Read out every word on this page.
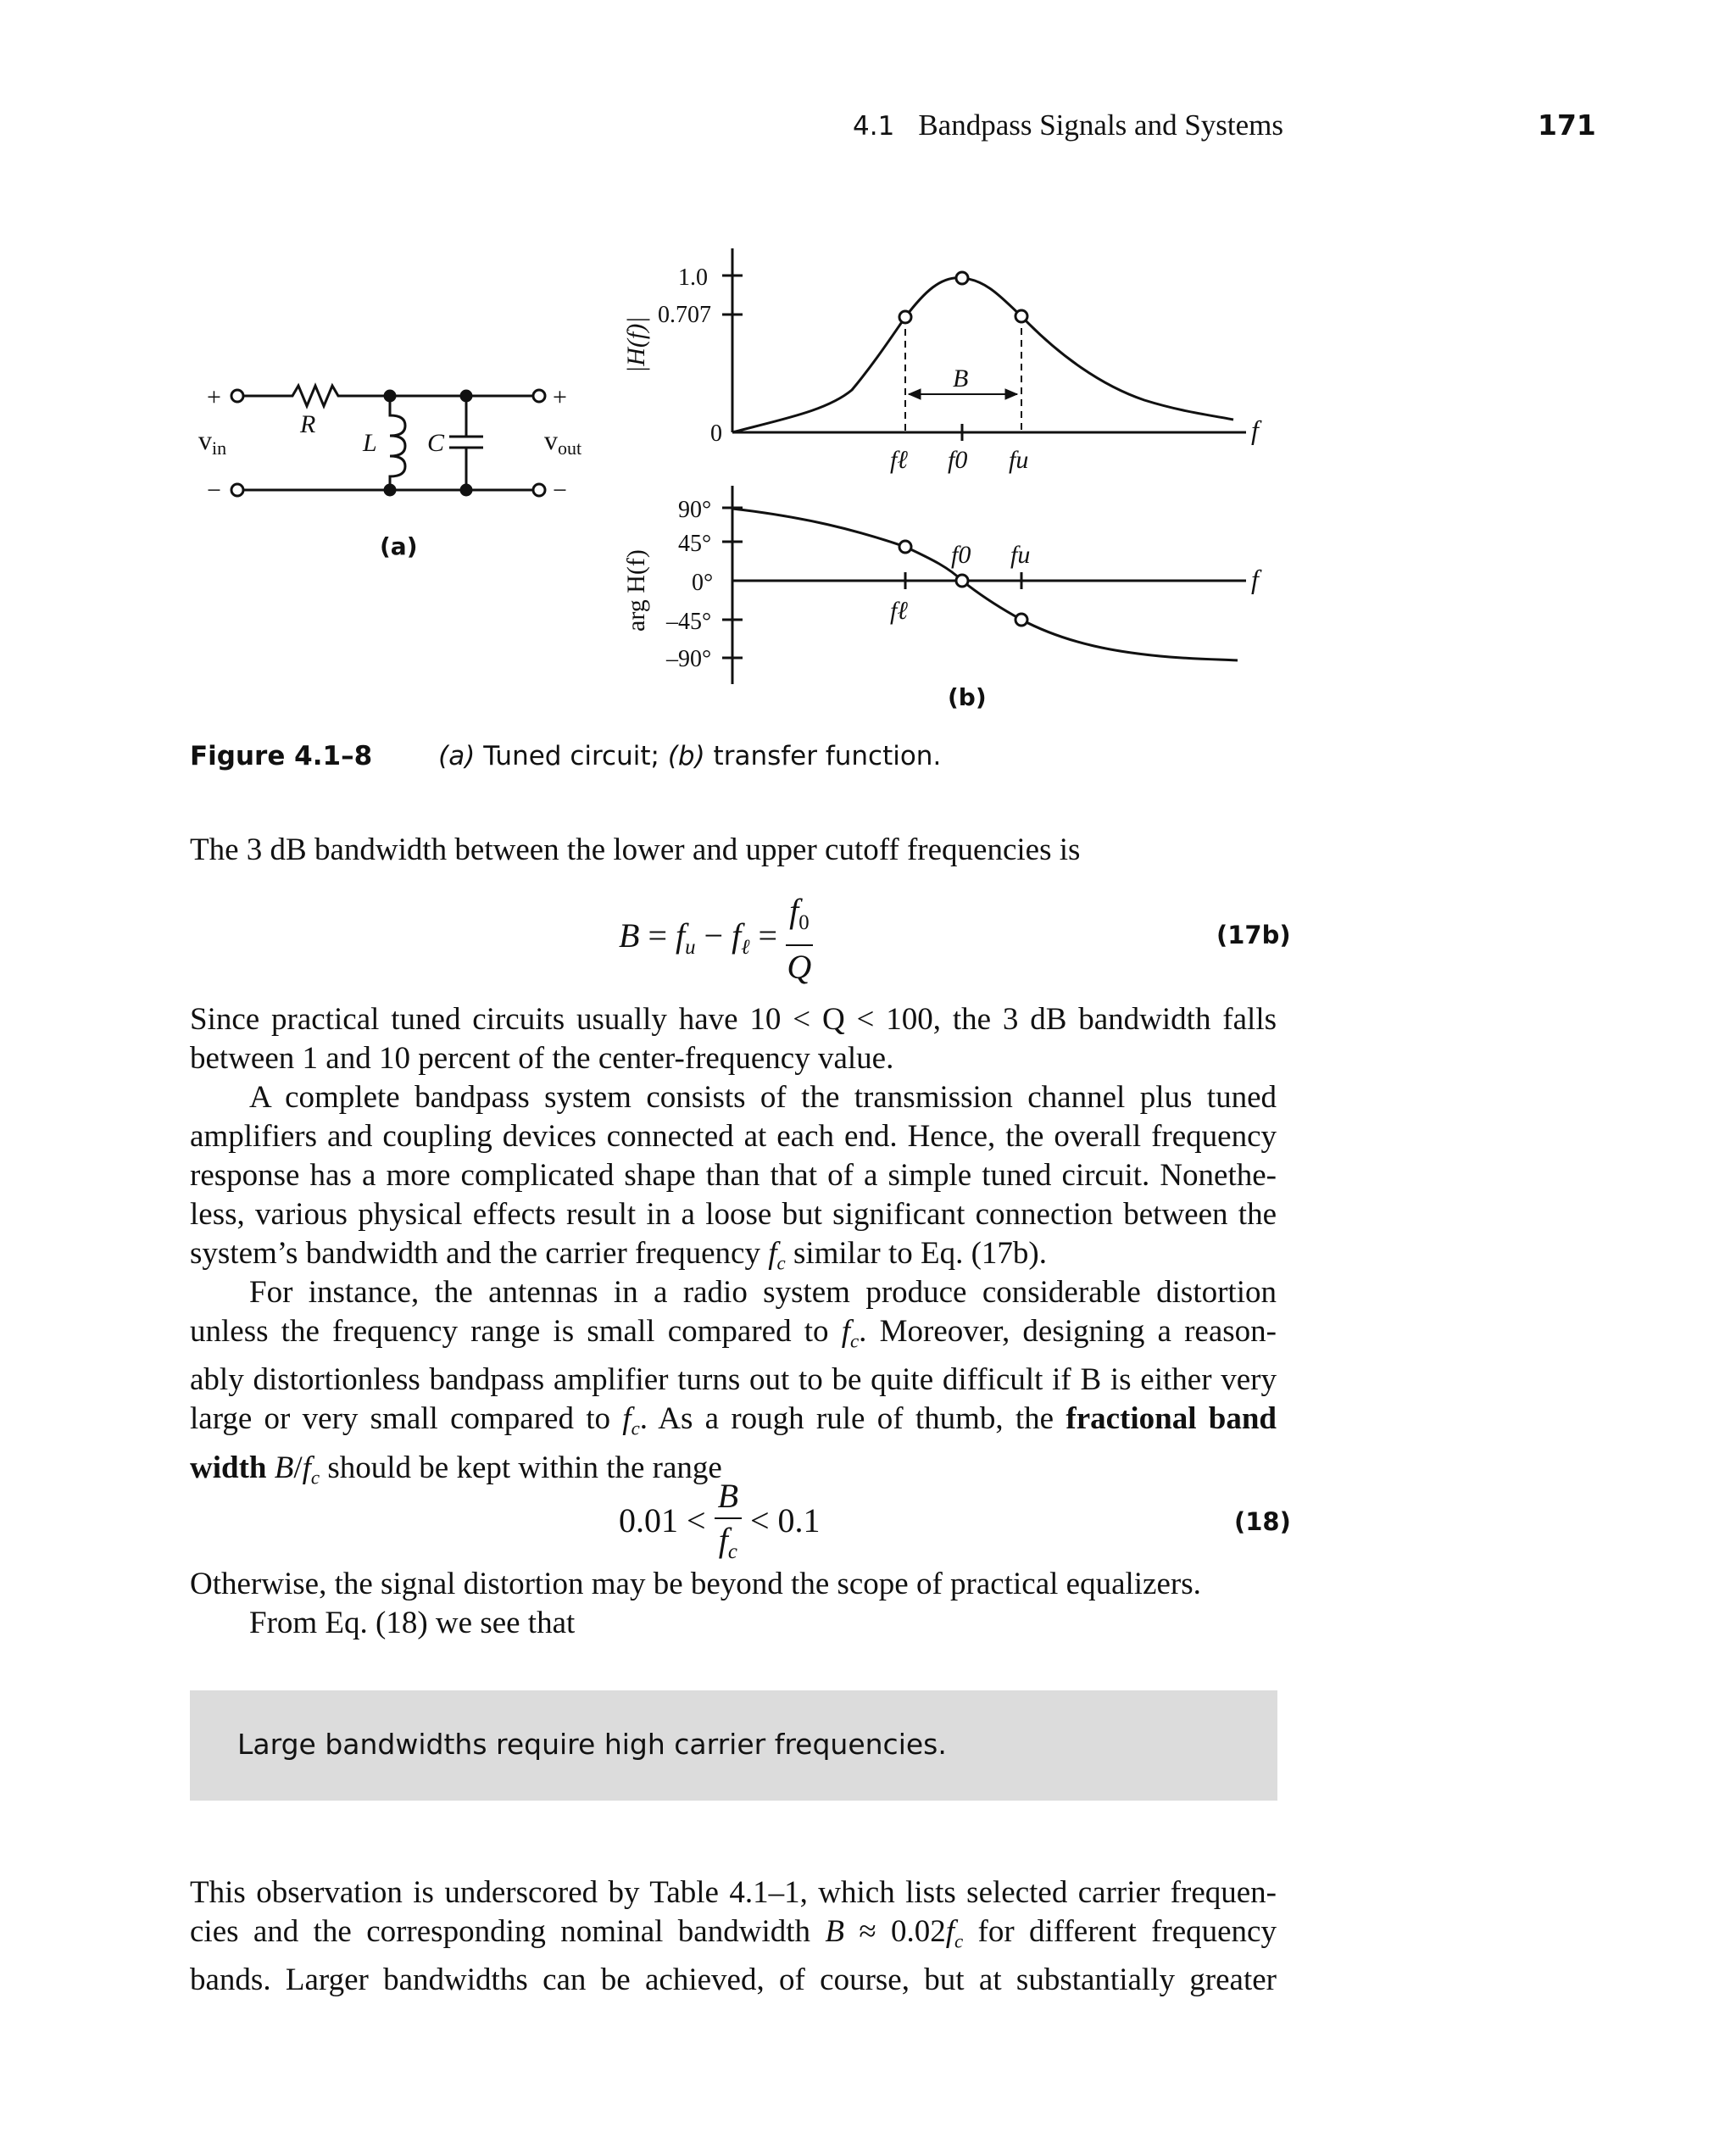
4.1 Bandpass Signals and Systems	171
+
−
+
−
vin	vout
R
L C
(a)
|H(f)|
1.0
0.707
0	f
fℓ f0 fu
B
arg H(f)
90°
45°
0°
–45°
–90°
f
f0 fu
fℓ
(b)
Figure 4.1–8	(a) Tuned circuit; (b) transfer function.
The 3 dB bandwidth between the lower and upper cutoff frequencies is
$B = f_u - f_\ell = \frac{f_0}{Q}$	(17b)
Since practical tuned circuits usually have 10 < Q < 100, the 3 dB bandwidth falls
between 1 and 10 percent of the center-frequency value.
A complete bandpass system consists of the transmission channel plus tuned
amplifiers and coupling devices connected at each end. Hence, the overall frequency
response has a more complicated shape than that of a simple tuned circuit. Nonethe-
less, various physical effects result in a loose but significant connection between the
system’s bandwidth and the carrier frequency $f_c$ similar to Eq. (17b).
For instance, the antennas in a radio system produce considerable distortion
unless the frequency range is small compared to $f_c$. Moreover, designing a reason-
ably distortionless bandpass amplifier turns out to be quite difficult if B is either very
large or very small compared to $f_c$. As a rough rule of thumb, the fractional band
width $B/f_c$ should be kept within the range
$0.01 < \frac{B}{f_c} < 0.1$	(18)
Otherwise, the signal distortion may be beyond the scope of practical equalizers.
From Eq. (18) we see that
Large bandwidths require high carrier frequencies.
This observation is underscored by Table 4.1–1, which lists selected carrier frequen-
cies and the corresponding nominal bandwidth $B \approx 0.02f_c$ for different frequency
bands. Larger bandwidths can be achieved, of course, but at substantially greater
